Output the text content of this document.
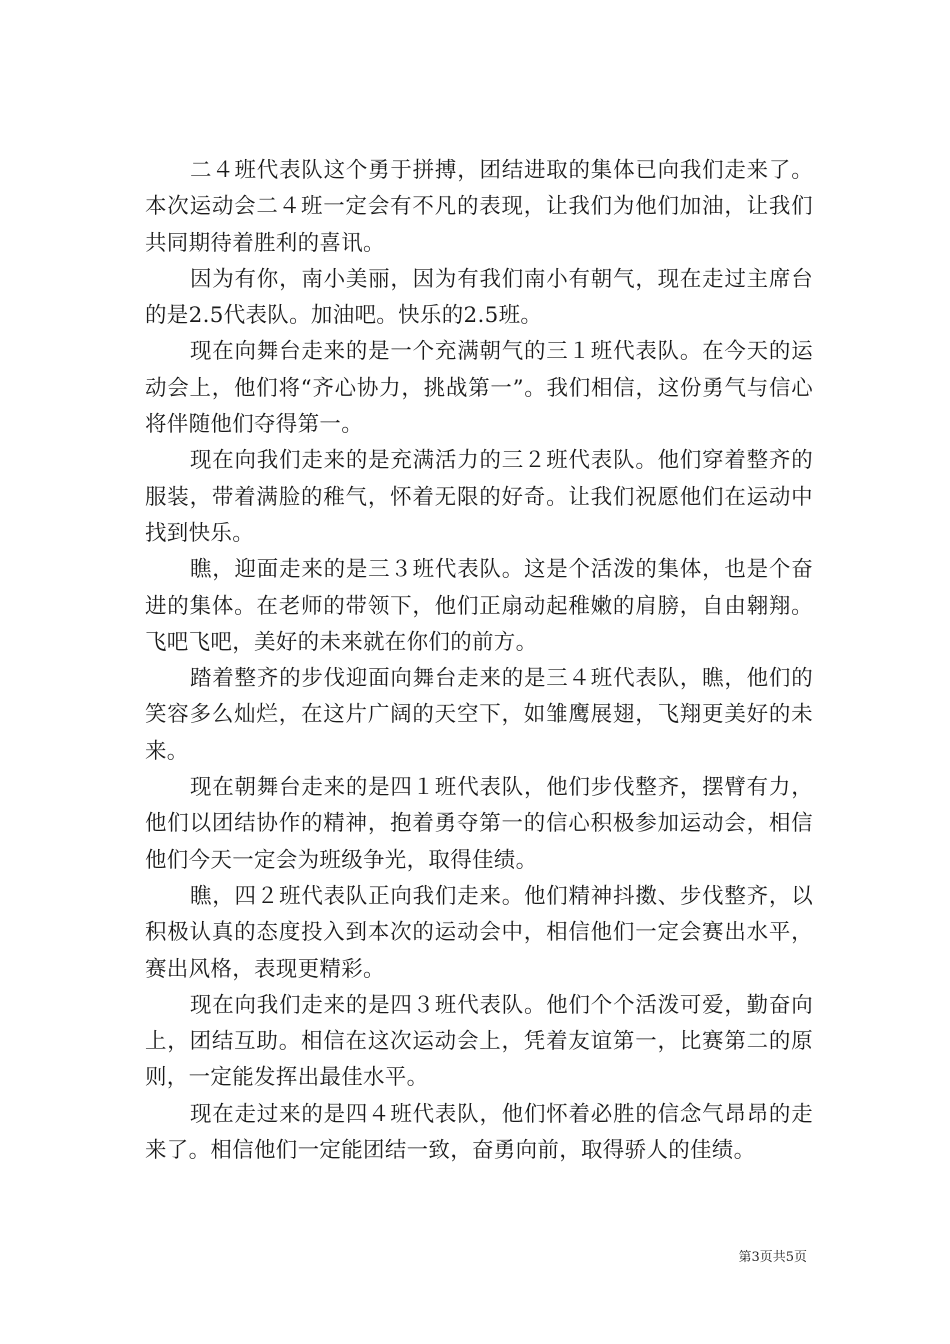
二４班代表队这个勇于拼搏，团结进取的集体已向我们走来了。本次运动会二４班一定会有不凡的表现，让我们为他们加油，让我们共同期待着胜利的喜讯。

因为有你，南小美丽，因为有我们南小有朝气，现在走过主席台的是2.5代表队。加油吧。快乐的2.5班。

现在向舞台走来的是一个充满朝气的三１班代表队。在今天的运动会上，他们将“齐心协力，挑战第一”。我们相信，这份勇气与信心将伴随他们夺得第一。

现在向我们走来的是充满活力的三２班代表队。他们穿着整齐的服装，带着满脸的稚气，怀着无限的好奇。让我们祝愿他们在运动中找到快乐。

瞧，迎面走来的是三３班代表队。这是个活泼的集体，也是个奋进的集体。在老师的带领下，他们正扇动起稚嫩的肩膀，自由翱翔。飞吧飞吧，美好的未来就在你们的前方。

踏着整齐的步伐迎面向舞台走来的是三４班代表队，瞧，他们的笑容多么灿烂，在这片广阔的天空下，如雏鹰展翅，飞翔更美好的未来。

现在朝舞台走来的是四１班代表队，他们步伐整齐，摆臂有力，他们以团结协作的精神，抱着勇夺第一的信心积极参加运动会，相信他们今天一定会为班级争光，取得佳绩。

瞧，四２班代表队正向我们走来。他们精神抖擞、步伐整齐，以积极认真的态度投入到本次的运动会中，相信他们一定会赛出水平，赛出风格，表现更精彩。

现在向我们走来的是四３班代表队。他们个个活泼可爱，勤奋向上，团结互助。相信在这次运动会上，凭着友谊第一，比赛第二的原则，一定能发挥出最佳水平。

现在走过来的是四４班代表队，他们怀着必胜的信念气昂昂的走来了。相信他们一定能团结一致，奋勇向前，取得骄人的佳绩。

第3页共5页
